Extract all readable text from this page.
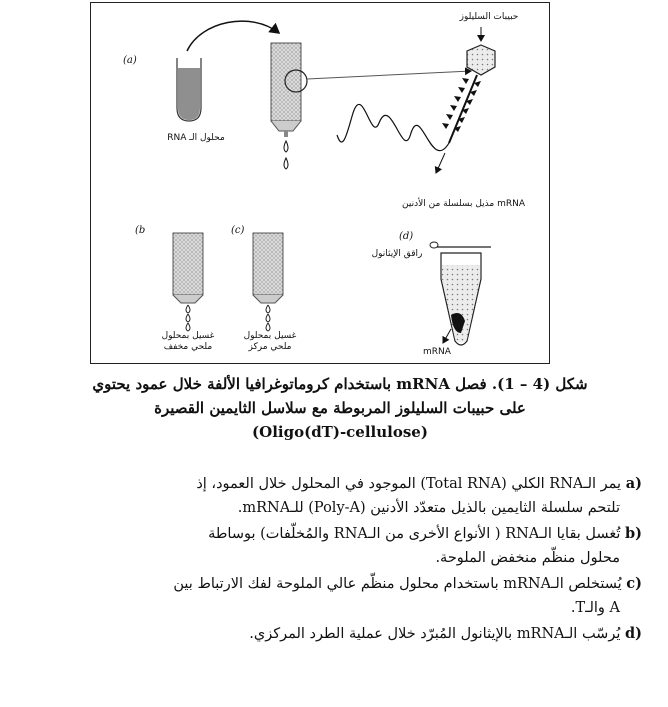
(a)
(b	(c)
(d)
حبيبات السليلوز
محلول الـ RNA
mRNA مذيل بسلسلة من الأدنين
غسيل بمحلول ملحي مخفف
غسيل بمحلول ملحي مركز
راقق الإيثانول
mRNA
شكل (4 – 1). فصل mRNA باستخدام كروماتوغرافيا الألفة خلال عمود يحتوي
على حبيبات السليلوز المربوطة مع سلاسل الثايمين القصيرة
(Oligo(dT)-cellulose)
(a يمر الـRNA الكلي (Total RNA) الموجود في المحلول خلال العمود، إذ
تلتحم سلسلة الثايمين بالذيل متعدّد الأدنين (Poly-A) للـmRNA.
(b تُغسل بقايا الـRNA ( الأنواع الأخرى من الـRNA والمُخلّفات) بوساطة
محلول منظّم منخفض الملوحة.
(c يُستخلص الـmRNA باستخدام محلول منظّم عالي الملوحة لفك الارتباط بين
A والـT.
(d يُرسّب الـmRNA بالإيثانول المُبرّد خلال عملية الطرد المركزي.
